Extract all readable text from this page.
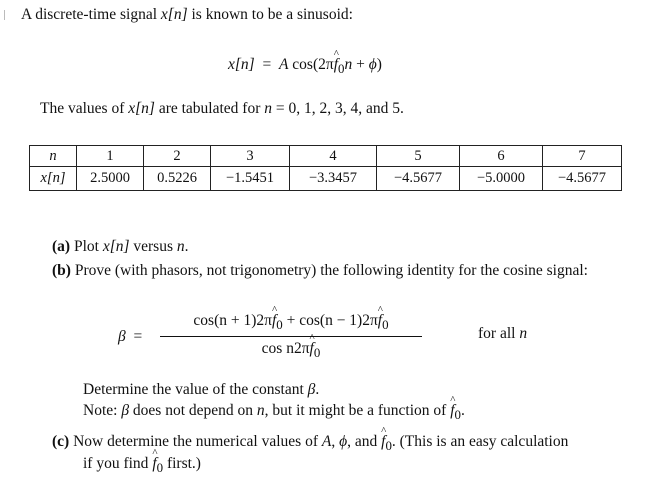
A discrete-time signal x[n] is known to be a sinusoid:
x[n] = A cos(2π^ $f_0n + \phi$)
The values of x[n] are tabulated for n = 0, 1, 2, 3, 4, and 5.
n	1	2	3	4	5	6	7
x[n]	2.5000	0.5226	−1.5451	−3.3457	−4.5677	−5.0000	−4.5677
(a) Plot x[n] versus n.
(b) Prove (with phasors, not trigonometry) the following identity for the cosine signal:
β =
cos(n + 1)2π^ $f_0 + \cos(n$ − 1)2π^ $f_0$
cos n2π^ $f_0$
for all n
Determine the value of the constant β.
Note: β does not depend on n, but it might be a function of ^ $f_0$.
(c) Now determine the numerical values of A, ϕ, and ^ $f_0$. (This is an easy calculation
if you find ^ $f_0$ first.)
